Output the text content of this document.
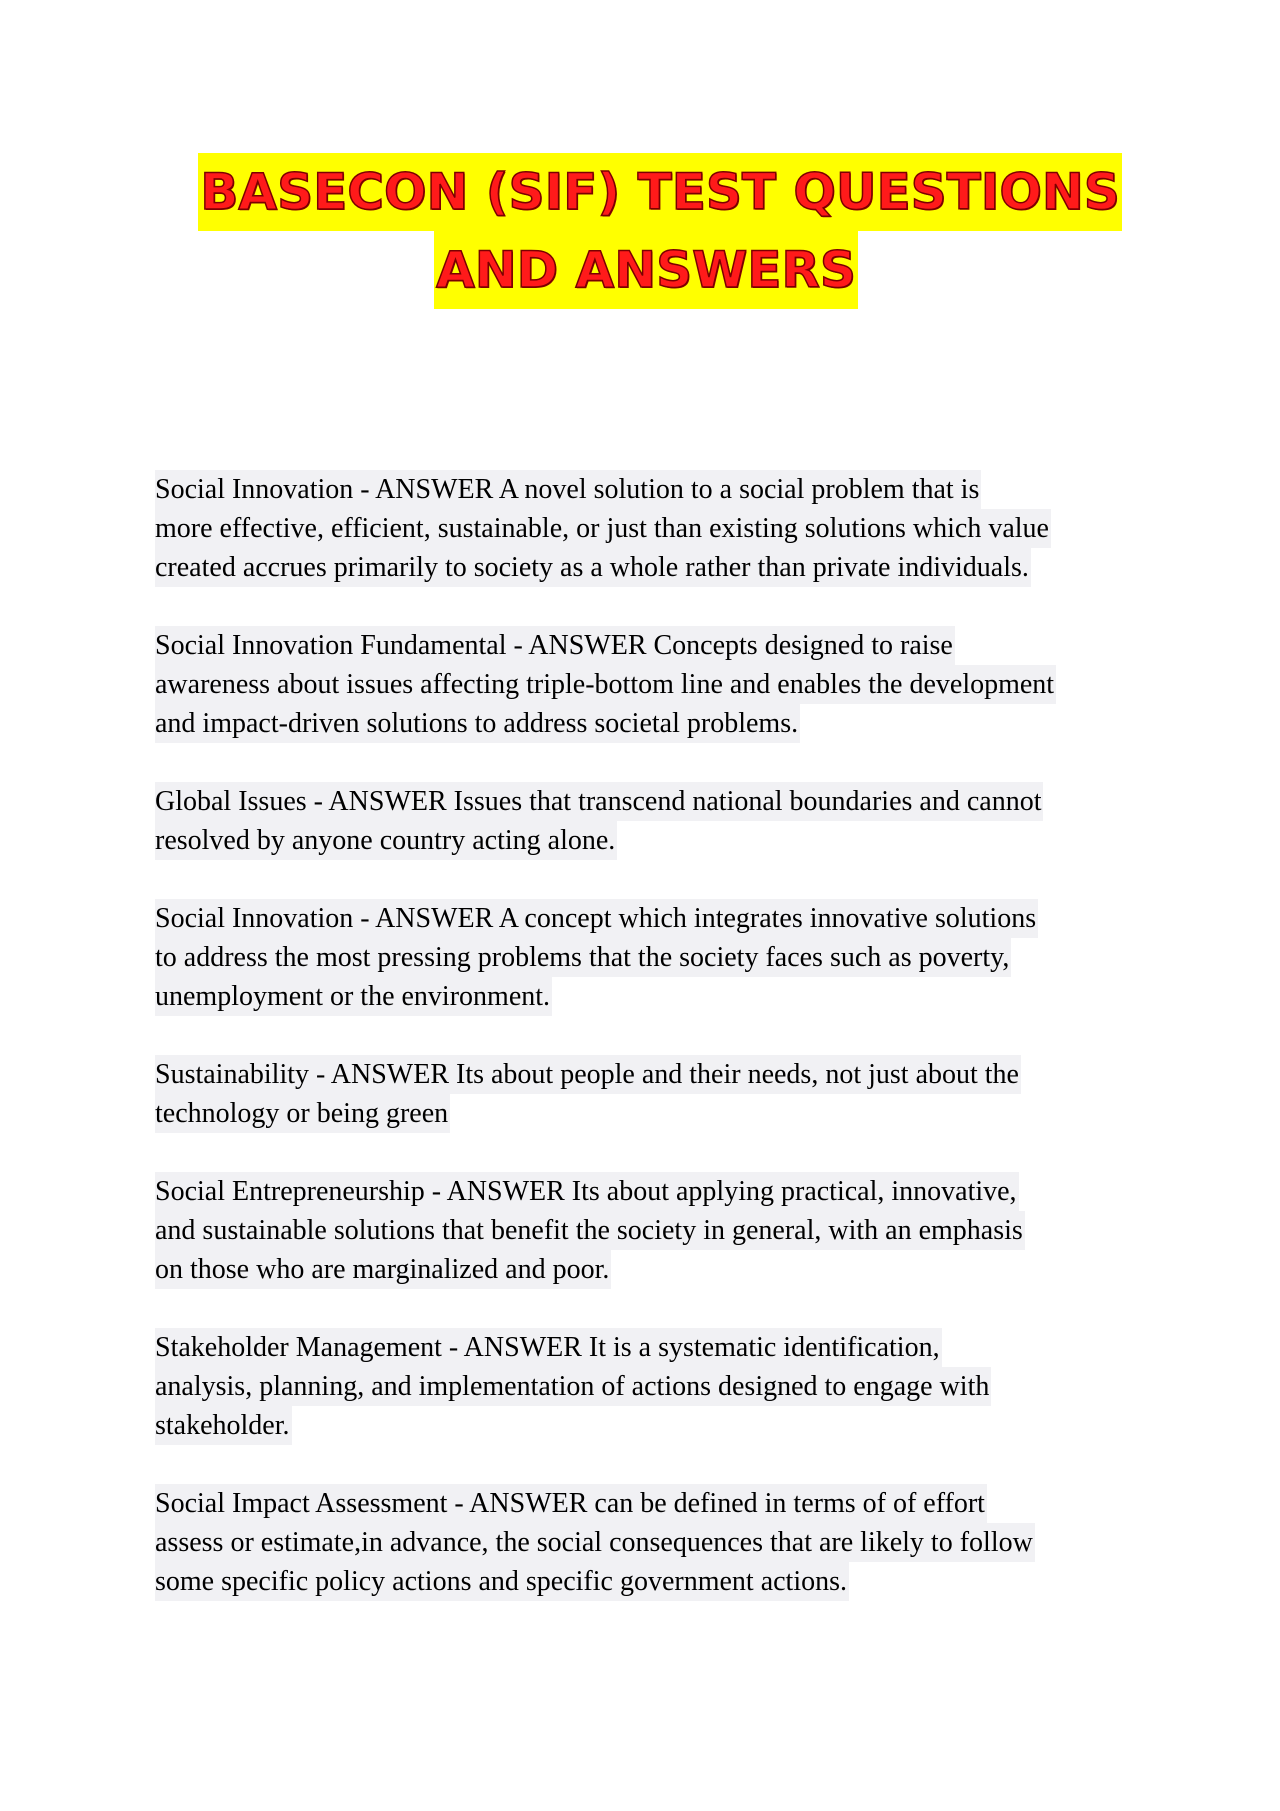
BASECON (SIF) TEST QUESTIONS
AND ANSWERS
Social Innovation - ANSWER A novel solution to a social problem that is
more effective, efficient, sustainable, or just than existing solutions which value
created accrues primarily to society as a whole rather than private individuals.
Social Innovation Fundamental - ANSWER Concepts designed to raise
awareness about issues affecting triple-bottom line and enables the development
and impact-driven solutions to address societal problems.
Global Issues - ANSWER Issues that transcend national boundaries and cannot
resolved by anyone country acting alone.
Social Innovation - ANSWER A concept which integrates innovative solutions
to address the most pressing problems that the society faces such as poverty,
unemployment or the environment.
Sustainability - ANSWER Its about people and their needs, not just about the
technology or being green
Social Entrepreneurship - ANSWER Its about applying practical, innovative,
and sustainable solutions that benefit the society in general, with an emphasis
on those who are marginalized and poor.
Stakeholder Management - ANSWER It is a systematic identification,
analysis, planning, and implementation of actions designed to engage with
stakeholder.
Social Impact Assessment - ANSWER can be defined in terms of of effort
assess or estimate,in advance, the social consequences that are likely to follow
some specific policy actions and specific government actions.
